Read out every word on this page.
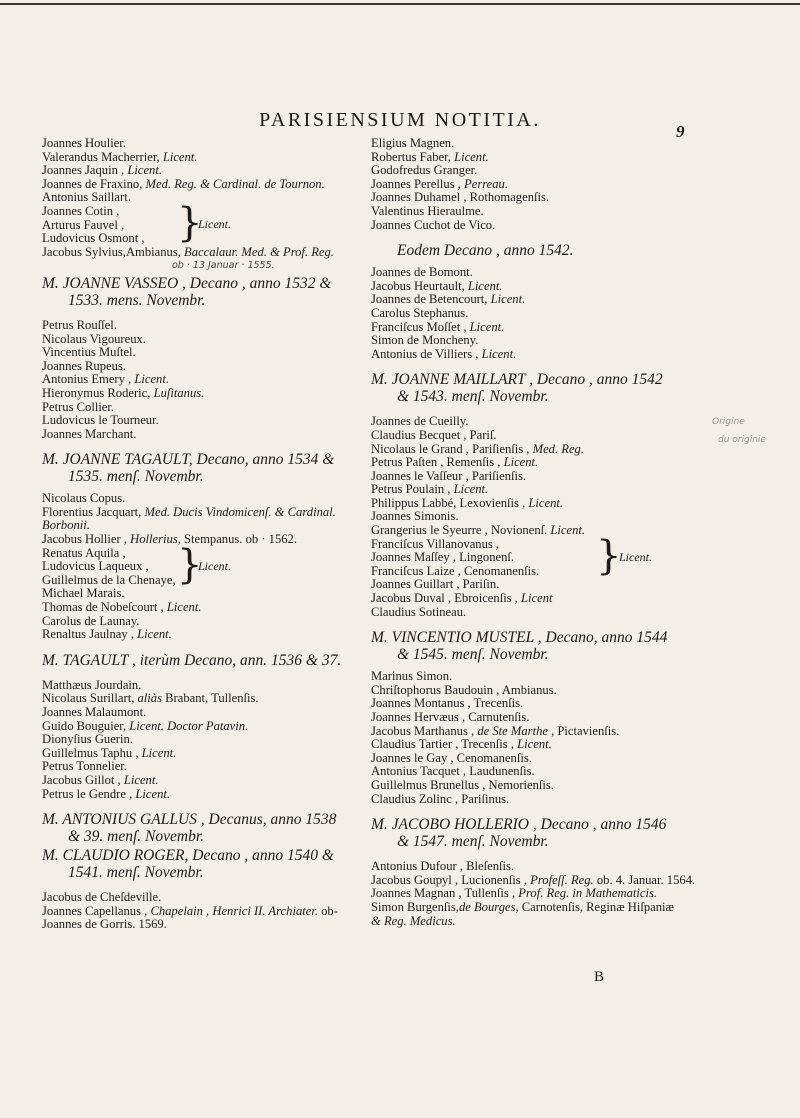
PARISIENSIUM NOTITIA.
9
Joannes Houlier.
Valerandus Macherrier, Licent.
Joannes Jaquin , Licent.
Joannes de Fraxino, Med. Reg. & Cardinal. de Tournon.
Antonius Saillart.
Joannes Cotin ,
Arturus Fauvel ,
Ludovicus Osmont , }
Licent.
Jacobus Sylvius,Ambianus, Baccalaur. Med. & Prof. Reg.
ob · 13 Januar · 1555.
M. JOANNE VASSEO , Decano , anno 1532 &
1533. mens. Novembr.
Petrus Rouſſel.
Nicolaus Vigoureux.
Vincentius Muſtel.
Joannes Rupeus.
Antonius Emery , Licent.
Hieronymus Roderic, Luſitanus.
Petrus Collier.
Ludovicus le Tourneur.
Joannes Marchant.
M. JOANNE TAGAULT, Decano, anno 1534 &
1535. menſ. Novembr.
Nicolaus Copus.
Florentius Jacquart, Med. Ducis Vindomicenſ. & Cardinal.
Borbonii.
Jacobus Hollier , Hollerius, Stempanus. ob · 1562.
Renatus Aquila ,
Ludovicus Laqueux ,
Guillelmus de la Chenaye, }
Licent.
Michael Marais.
Thomas de Nobeſcourt , Licent.
Carolus de Launay.
Renaltus Jaulnay , Licent.
M. TAGAULT , iterùm Decano, ann. 1536 & 37.
Matthæus Jourdain.
Nicolaus Surillart, aliàs Brabant, Tullenſis.
Joannes Malaumont.
Guido Bouguier, Licent. Doctor Patavin.
Dionyſius Guerin.
Guillelmus Taphu , Licent.
Petrus Tonnelier.
Jacobus Gillot , Licent.
Petrus le Gendre , Licent.
M. ANTONIUS GALLUS , Decanus, anno 1538
& 39. menſ. Novembr.
M. CLAUDIO ROGER, Decano , anno 1540 &
1541. menſ. Novembr.
Jacobus de Cheſdeville.
Joannes Capellanus , Chapelain , Henrici II. Archiater. ob-
Joannes de Gorris. 1569.
Eligius Magnen.
Robertus Faber, Licent.
Godofredus Granger.
Joannes Perellus , Perreau.
Joannes Duhamel , Rothomagenſis.
Valentinus Hieraulme.
Joannes Cuchot de Vico.
Eodem Decano , anno 1542.
Joannes de Bomont.
Jacobus Heurtault, Licent.
Joannes de Betencourt, Licent.
Carolus Stephanus.
Franciſcus Moſſet , Licent.
Simon de Moncheny.
Antonius de Villiers , Licent.
M. JOANNE MAILLART , Decano , anno 1542
& 1543. menſ. Novembr.
Joannes de Cueilly.
Claudius Becquet , Pariſ.
Nicolaus le Grand , Pariſienſis , Med. Reg.
Petrus Paſten , Remenſis , Licent.
Joannes le Vaſſeur , Pariſienſis.
Petrus Poulain , Licent.
Philippus Labbé, Lexovienſis , Licent.
Joannes Simonis.
Grangerius le Syeurre , Novionenſ. Licent.
Franciſcus Villanovanus ,
Joannes Maſſey , Lingonenſ.
Franciſcus Laize , Cenomanenſis.	}
Licent.
Joannes Guillart , Pariſin.
Jacobus Duval , Ebroicenſis , Licent
Claudius Sotineau.
M. VINCENTIO MUSTEL , Decano, anno 1544
& 1545. menſ. Novembr.
Marinus Simon.
Chriſtophorus Baudouin , Ambianus.
Joannes Montanus , Trecenſis.
Joannes Hervæus , Carnutenſis.
Jacobus Marthanus , de Ste Marthe , Pictavienſis.
Claudius Tartier , Trecenſis , Licent.
Joannes le Gay , Cenomanenſis.
Antonius Tacquet , Laudunenſis.
Guillelmus Brunellus , Nemorienſis.
Claudius Zolinc , Pariſinus.
M. JACOBO HOLLERIO , Decano , anno 1546
& 1547. menſ. Novembr.
Antonius Dufour , Bleſenſis.
Jacobus Goupyl , Lucionenſis , Profeſſ. Reg. ob. 4. Januar. 1564.
Joannes Magnan , Tullenſis , Prof. Reg. in Mathematicis.
Simon Burgenſis,de Bourges, Carnotenſis, Reginæ Hiſpaniæ
& Reg. Medicus.
Origine
du originie
B
